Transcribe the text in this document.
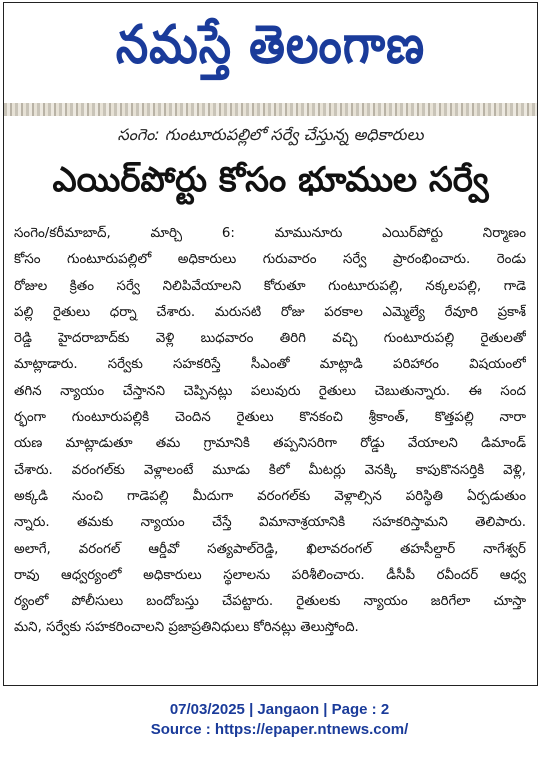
నమస్తే తెలంగాణ
సంగెం: గుంటూరుపల్లిలో సర్వే చేస్తున్న అధికారులు
ఎయిర్‌పోర్టు కోసం భూముల సర్వే
సంగెం/కరీమాబాద్, మార్చి 6: మామునూరు ఎయిర్‌పోర్టు నిర్మాణం
కోసం గుంటూరుపల్లిలో అధికారులు గురువారం సర్వే ప్రారంభించారు. రెండు
రోజుల క్రితం సర్వే నిలిపివేయాలని కోరుతూ గుంటూరుపల్లి, నక్కలపల్లి, గాడె
పల్లి రైతులు ధర్నా చేశారు. మరుసటి రోజు పరకాల ఎమ్మెల్యే రేవూరి ప్రకాశ్
రెడ్డి హైదరాబాద్‌కు వెళ్లి బుధవారం తిరిగి వచ్చి గుంటూరుపల్లి రైతులతో
మాట్లాడారు. సర్వేకు సహకరిస్తే సీఎంతో మాట్లాడి పరిహారం విషయంలో
తగిన న్యాయం చేస్తానని చెప్పినట్లు పలువురు రైతులు చెబుతున్నారు. ఈ సంద
ర్భంగా గుంటూరుపల్లికి చెందిన రైతులు కొనకంచి శ్రీకాంత్, కొత్తపల్లి నారా
యణ మాట్లాడుతూ తమ గ్రామానికి తప్పనిసరిగా రోడ్డు వేయాలని డిమాండ్
చేశారు. వరంగల్‌కు వెళ్లాలంటే మూడు కిలో మీటర్లు వెనక్కి కాపుకొనసర్తికి వెళ్లి,
అక్కడి నుంచి గాడెపల్లి మీదుగా వరంగల్‌కు వెళ్లాల్సిన పరిస్థితి ఏర్పడుతుం
న్నారు. తమకు న్యాయం చేస్తే విమానాశ్రయానికి సహకరిస్తామని తెలిపారు.
అలాగే, వరంగల్ ఆర్డీవో సత్యపాల్‌రెడ్డి, ఖిలావరంగల్ తహసీల్దార్ నాగేశ్వర్
రావు ఆధ్వర్యంలో అధికారులు స్థలాలను పరిశీలించారు. డీసీపీ రవీందర్ ఆధ్వ
ర్యంలో పోలీసులు బందోబస్తు చేపట్టారు. రైతులకు న్యాయం జరిగేలా చూస్తా
మని, సర్వేకు సహకరించాలని ప్రజాప్రతినిధులు కోరినట్లు తెలుస్తోంది.
07/03/2025 | Jangaon | Page : 2
Source : https://epaper.ntnews.com/
